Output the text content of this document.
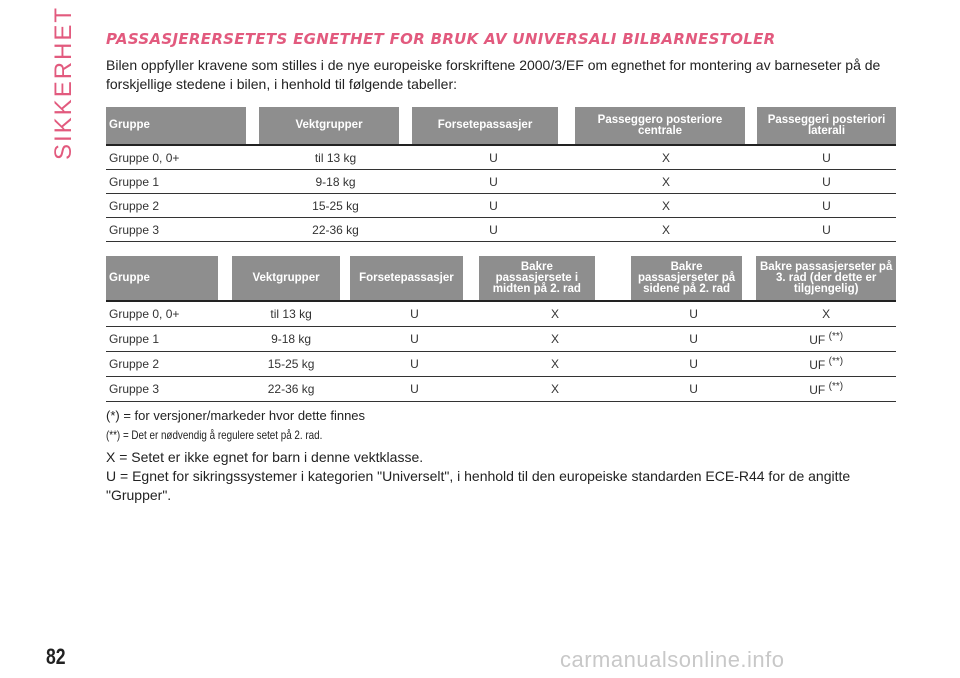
SIKKERHET PASSASJERERSETETS EGNETHET FOR BRUK AV UNIVERSALI BILBARNESTOLER
Bilen oppfyller kravene som stilles i de nye europeiske forskriftene 2000/3/EF om egnethet for montering av barneseter på de forskjellige stedene i bilen, i henhold til følgende tabeller:
Gruppe		Vektgrupper		Forsetepassasjer		Passeggero posteriore centrale		Passeggeri posteriori laterali
Gruppe 0, 0+		til 13 kg		U		X		U
Gruppe 1		9-18 kg		U		X		U
Gruppe 2		15-25 kg		U		X		U
Gruppe 3		22-36 kg		U		X		U
Gruppe		Vektgrupper		Forsetepassasjer		Bakre passasjersete i midten på 2. rad		Bakre passasjerseter på sidene på 2. rad		Bakre passasjerseter på 3. rad (der dette er tilgjengelig)
Gruppe 0, 0+		til 13 kg		U		X		U		X
Gruppe 1		9-18 kg		U		X		U		UF (**)
Gruppe 2		15-25 kg		U		X		U		UF (**)
Gruppe 3		22-36 kg		U		X		U		UF (**)
(*) = for versjoner/markeder hvor dette finnes
(**) = Det er nødvendig å regulere setet på 2. rad.
X = Setet er ikke egnet for barn i denne vektklasse.
U = Egnet for sikringssystemer i kategorien "Universelt", i henhold til den europeiske standarden ECE-R44 for de angitte "Grupper".
82	carmanualsonline.info
